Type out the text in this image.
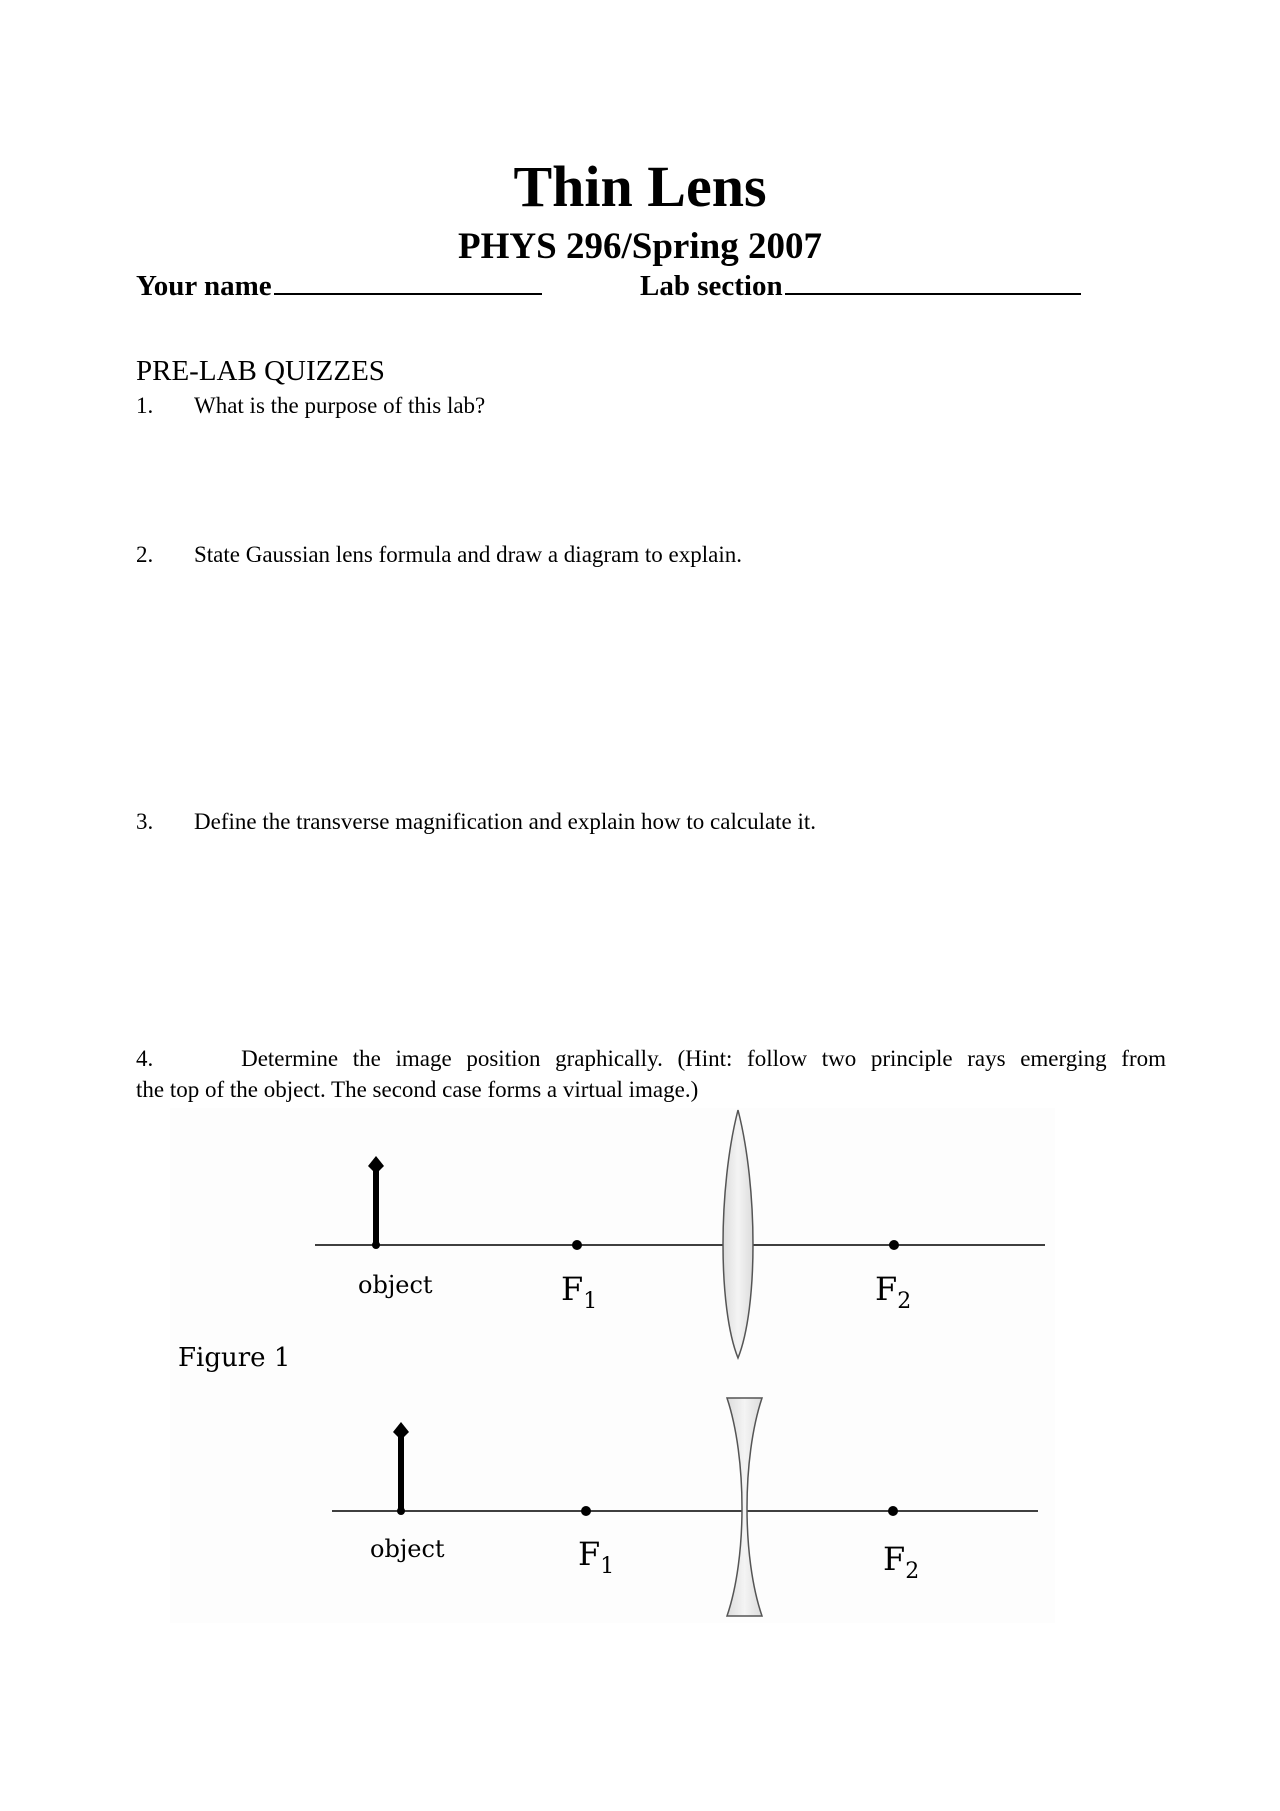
Thin Lens
PHYS 296/Spring 2007
Your name	Lab section
PRE-LAB QUIZZES
1. What is the purpose of this lab?
2. State Gaussian lens formula and draw a diagram to explain.
3. Define the transverse magnification and explain how to calculate it.

4.	Determine the image position graphically. (Hint: follow two principle rays emerging from

the top of the object. The second case forms a virtual image.)

object	$F_1$	$F_2$
Figure 1
object	$F_1$	$F_2$
